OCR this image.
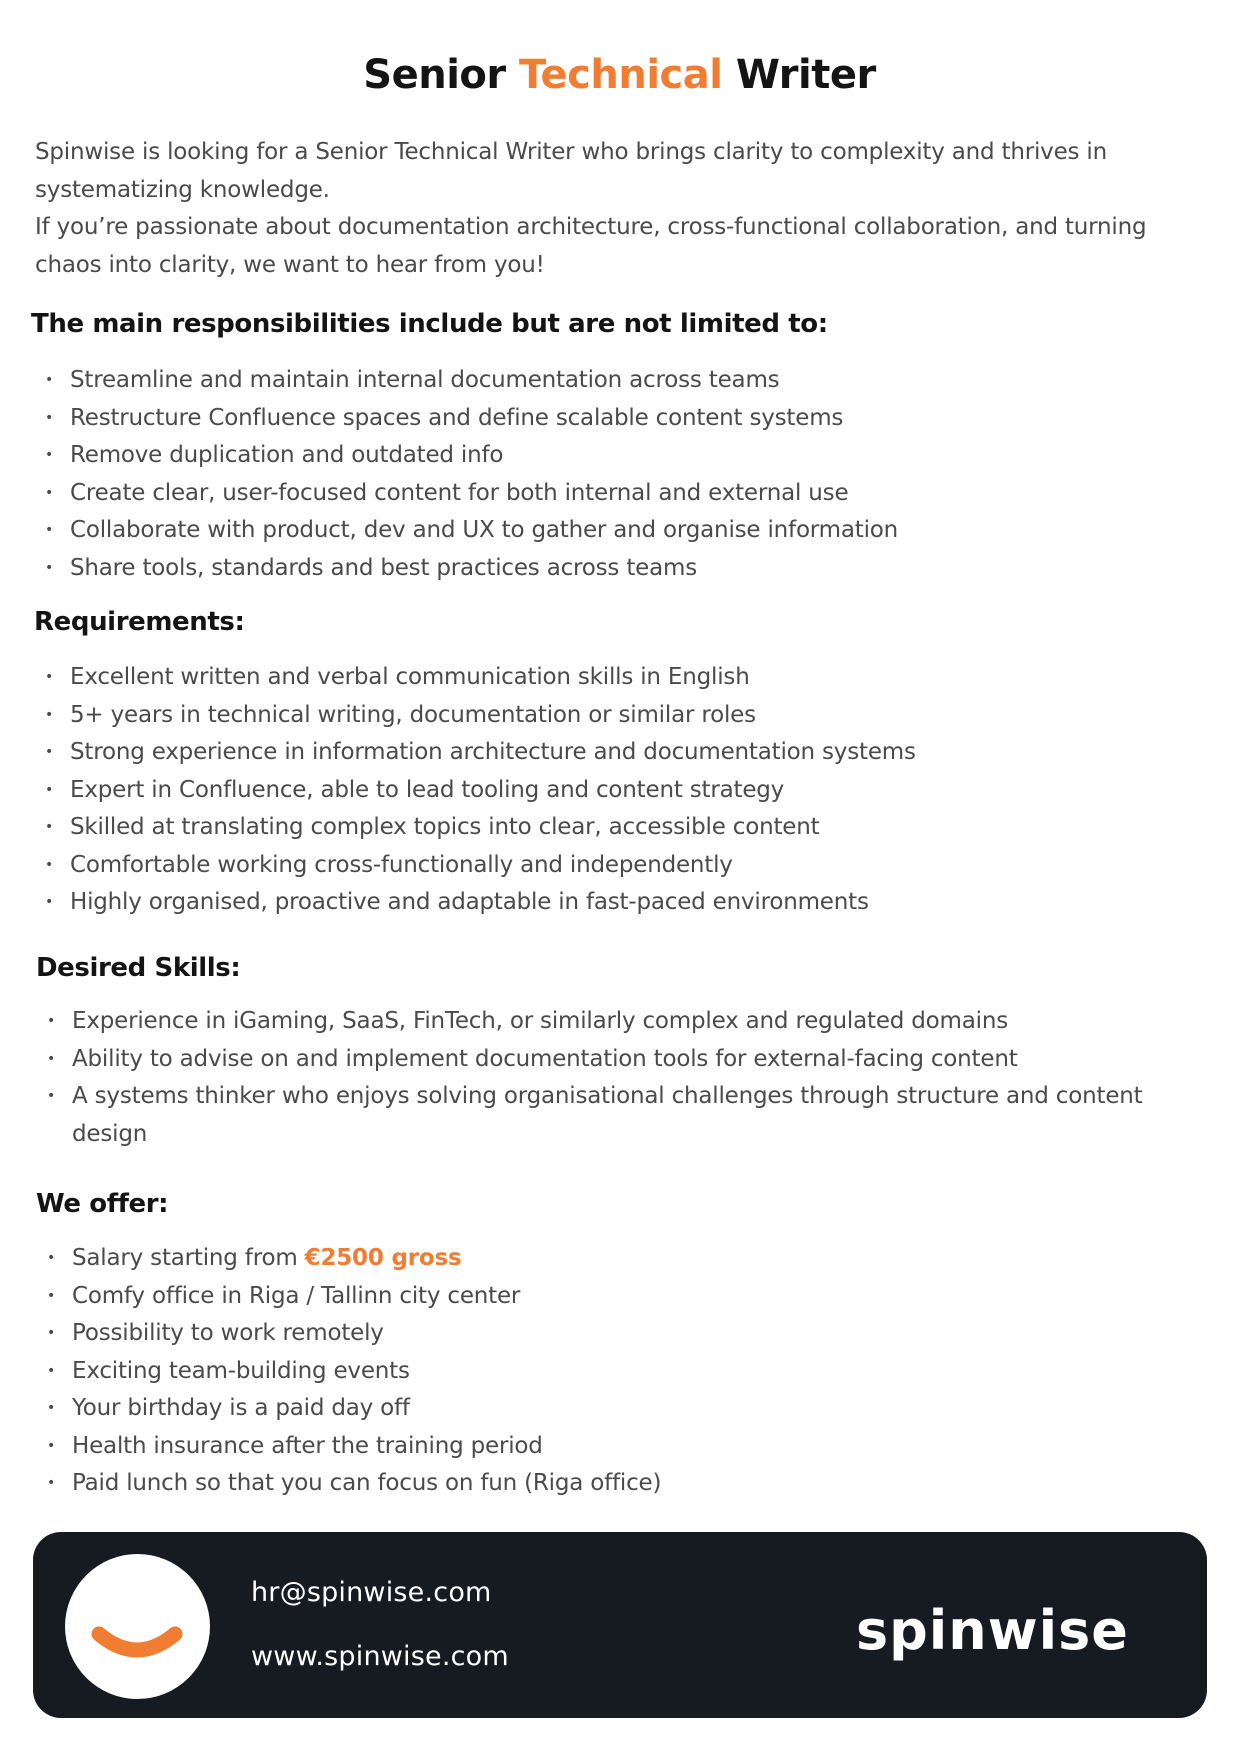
Senior Technical Writer

Spinwise is looking for a Senior Technical Writer who brings clarity to complexity and thrives in systematizing knowledge.

If you’re passionate about documentation architecture, cross-functional collaboration, and turning chaos into clarity, we want to hear from you!

The main responsibilities include but are not limited to:
• Streamline and maintain internal documentation across teams
• Restructure Confluence spaces and define scalable content systems
• Remove duplication and outdated info
• Create clear, user-focused content for both internal and external use
• Collaborate with product, dev and UX to gather and organise information
• Share tools, standards and best practices across teams
Requirements:
• Excellent written and verbal communication skills in English
• 5+ years in technical writing, documentation or similar roles
• Strong experience in information architecture and documentation systems
• Expert in Confluence, able to lead tooling and content strategy
• Skilled at translating complex topics into clear, accessible content
• Comfortable working cross-functionally and independently
• Highly organised, proactive and adaptable in fast-paced environments
Desired Skills:
• Experience in iGaming, SaaS, FinTech, or similarly complex and regulated domains
• Ability to advise on and implement documentation tools for external-facing content
• A systems thinker who enjoys solving organisational challenges through structure and content design
We offer:
• Salary starting from €2500 gross
• Comfy office in Riga / Tallinn city center
• Possibility to work remotely
• Exciting team-building events
• Your birthday is a paid day off
• Health insurance after the training period
• Paid lunch so that you can focus on fun (Riga office)
hr@spinwise.com
www.spinwise.com	spinwise
